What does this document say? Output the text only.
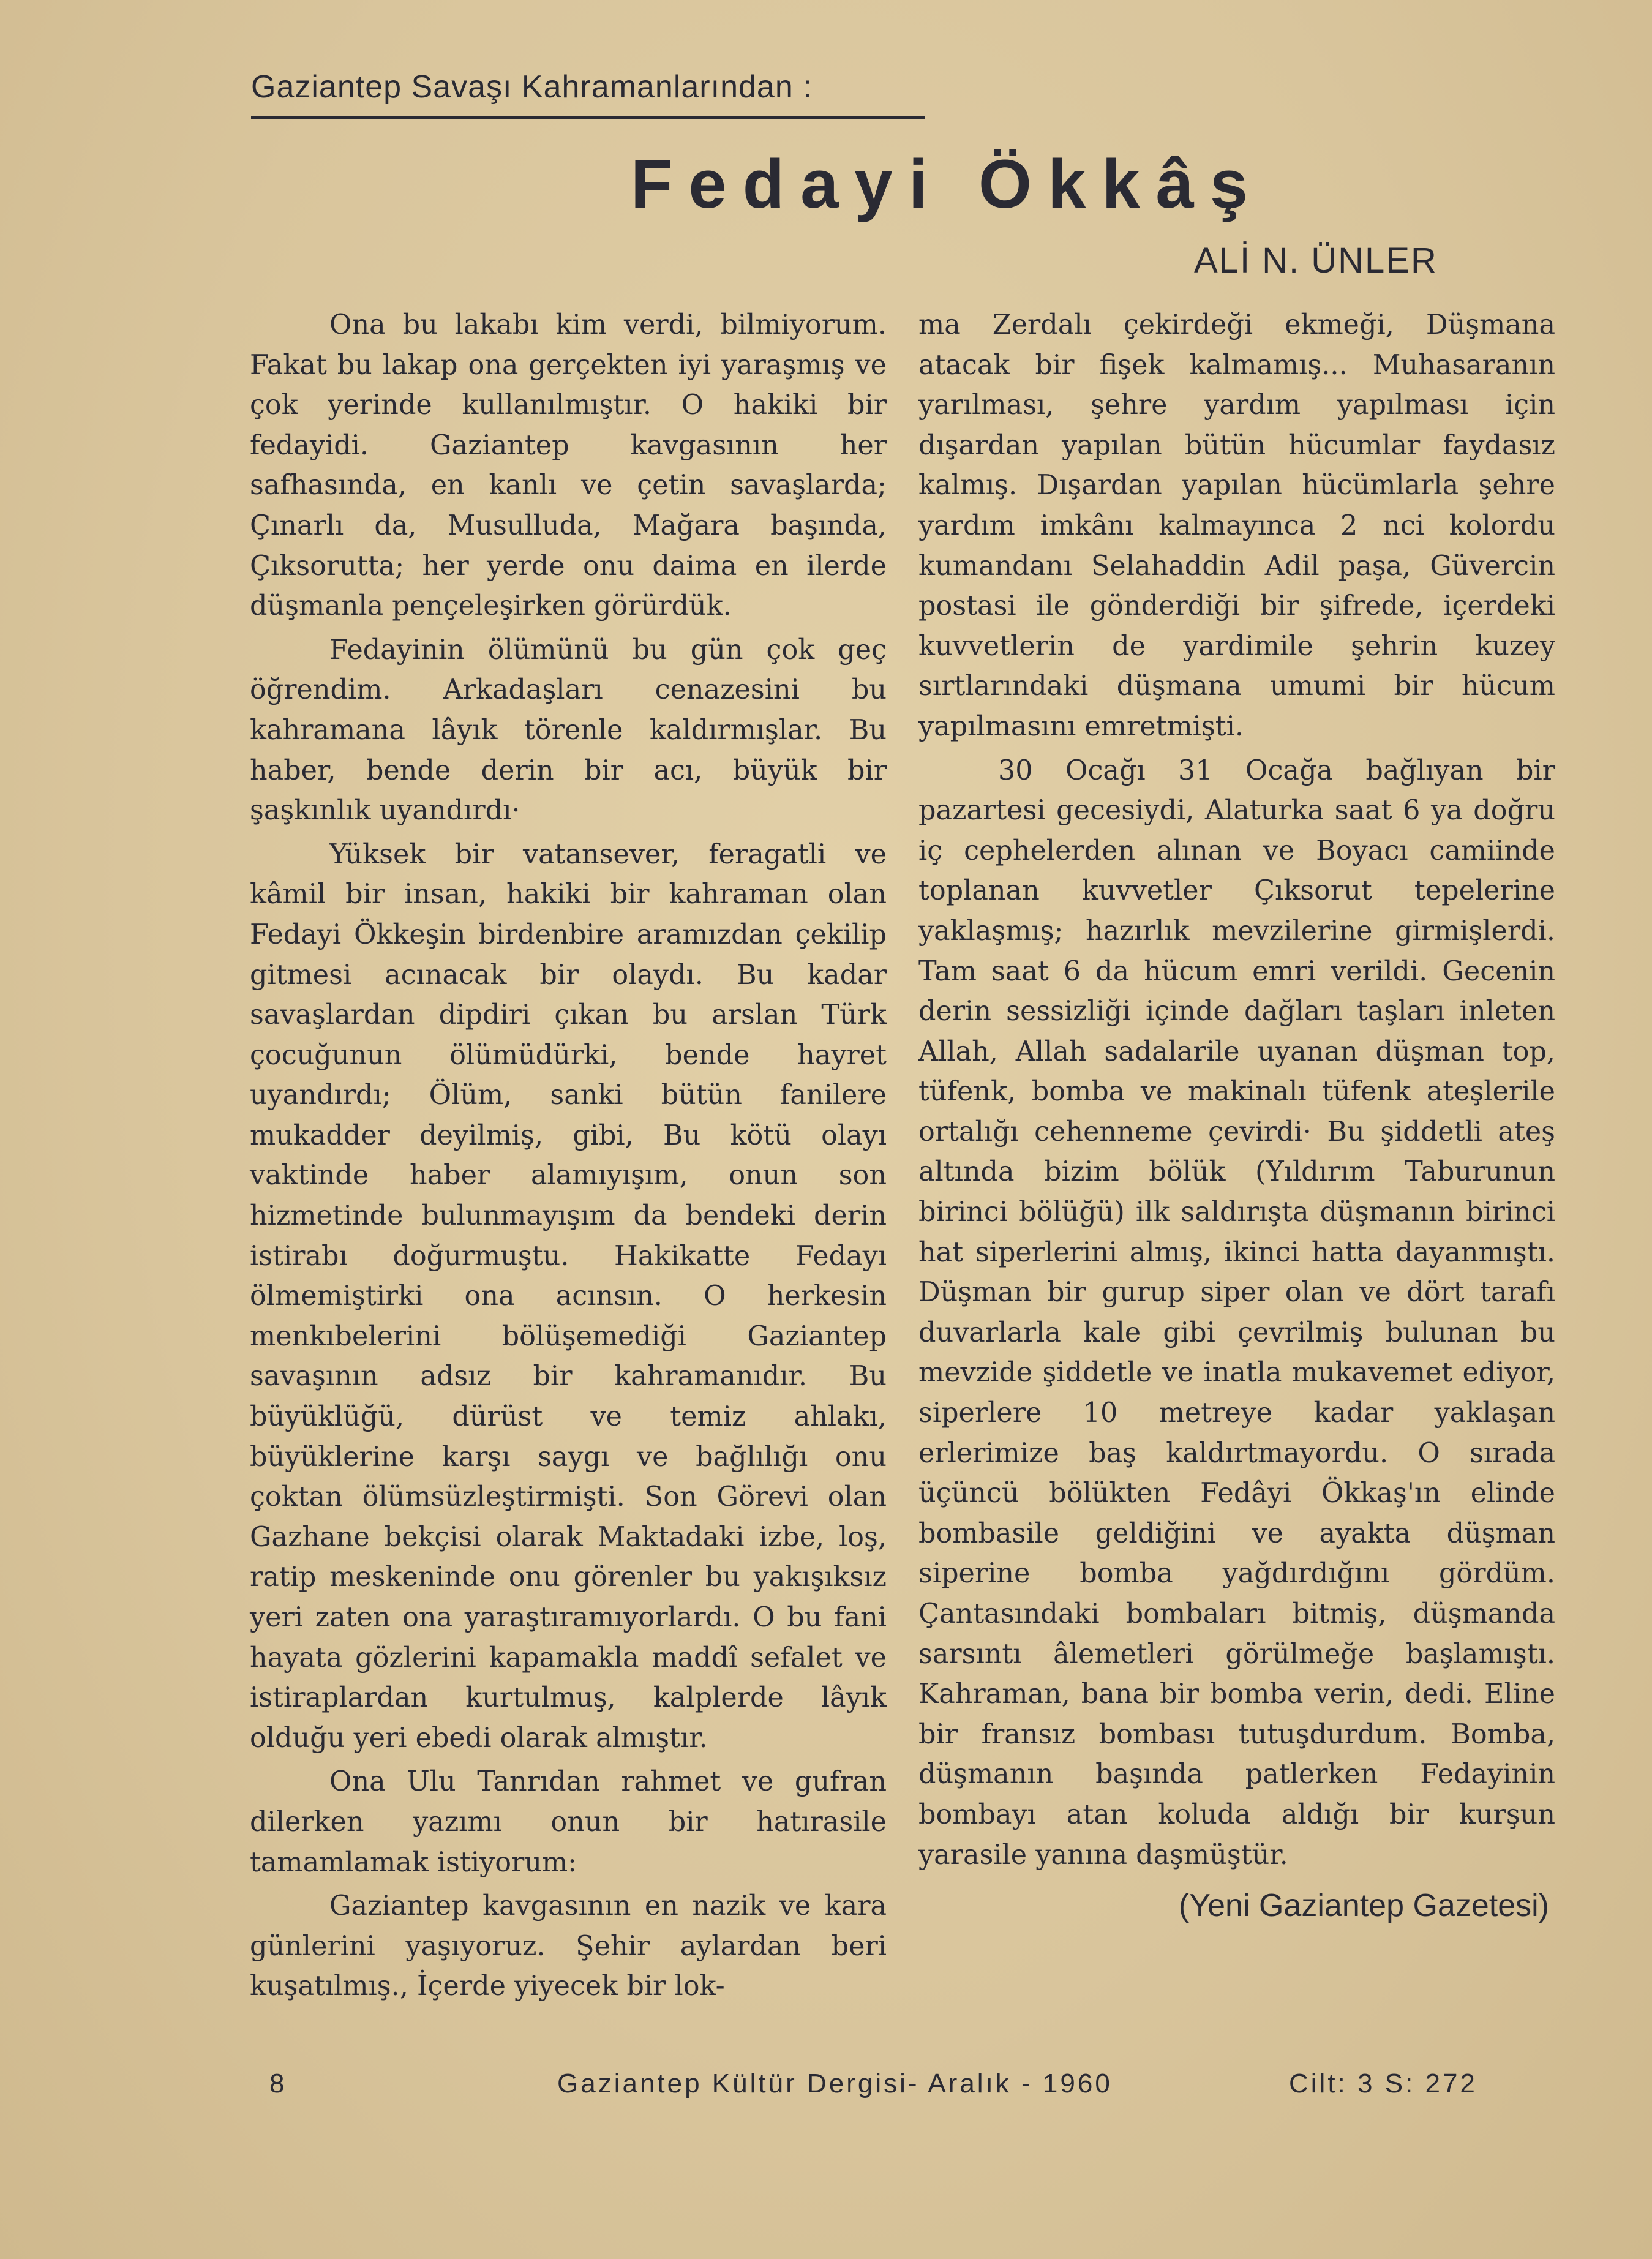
Gaziantep Savaşı Kahramanlarından :
Fedayi Ökkâş
ALİ N. ÜNLER

Ona bu lakabı kim verdi, bilmiyorum. Fakat bu lakap ona gerçekten iyi yaraşmış ve çok yerinde kullanılmıştır. O hakiki bir fedayidi. Gaziantep kavgasının her safhasında, en kanlı ve çetin savaşlarda; Çınarlı da, Musulluda, Mağara başında, Çıksorutta; her yerde onu daima en ilerde düşmanla pençeleşirken görürdük.

Fedayinin ölümünü bu gün çok geç öğrendim. Arkadaşları cenazesini bu kahramana lâyık törenle kaldırmışlar. Bu haber, bende derin bir acı, büyük bir şaşkınlık uyandırdı·

Yüksek bir vatansever, feragatli ve kâmil bir insan, hakiki bir kahraman olan Fedayi Ökkeşin birdenbire aramızdan çekilip gitmesi acınacak bir olaydı. Bu kadar savaşlardan dipdiri çıkan bu arslan Türk çocuğunun ölümüdürki, bende hayret uyandırdı; Ölüm, sanki bütün fanilere mukadder deyilmiş, gibi, Bu kötü olayı vaktinde haber alamıyışım, onun son hizmetinde bulunmayışım da bendeki derin istirabı doğurmuştu. Hakikatte Fedayı ölmemiştirki ona acınsın. O herkesin menkıbelerini bölüşemediği Gaziantep savaşının adsız bir kahramanıdır. Bu büyüklüğü, dürüst ve temiz ahlakı, büyüklerine karşı saygı ve bağlılığı onu çoktan ölümsüzleştirmişti. Son Görevi olan Gazhane bekçisi olarak Maktadaki izbe, loş, ratip meskeninde onu görenler bu yakışıksız yeri zaten ona yaraştıramıyorlardı. O bu fani hayata gözlerini kapamakla maddî sefalet ve istiraplardan kurtulmuş, kalplerde lâyık olduğu yeri ebedi olarak almıştır.

Ona Ulu Tanrıdan rahmet ve gufran dilerken yazımı onun bir hatırasile tamamlamak istiyorum:

Gaziantep kavgasının en nazik ve kara günlerini yaşıyoruz. Şehir aylardan beri kuşatılmış., İçerde yiyecek bir lok-

ma Zerdalı çekirdeği ekmeği, Düşmana atacak bir fişek kalmamış... Muhasaranın yarılması, şehre yardım yapılması için dışardan yapılan bütün hücumlar faydasız kalmış. Dışardan yapılan hücümlarla şehre yardım imkânı kalmayınca 2 nci kolordu kumandanı Selahaddin Adil paşa, Güvercin postasi ile gönderdiği bir şifrede, içerdeki kuvvetlerin de yardimile şehrin kuzey sırtlarındaki düşmana umumi bir hücum yapılmasını emretmişti.

30 Ocağı 31 Ocağa bağlıyan bir pazartesi gecesiydi, Alaturka saat 6 ya doğru iç cephelerden alınan ve Boyacı camiinde toplanan kuvvetler Çıksorut tepelerine yaklaşmış; hazırlık mevzilerine girmişlerdi. Tam saat 6 da hücum emri verildi. Gecenin derin sessizliği içinde dağları taşları inleten Allah, Allah sadalarile uyanan düşman top, tüfenk, bomba ve makinalı tüfenk ateşlerile ortalığı cehenneme çevirdi· Bu şiddetli ateş altında bizim bölük (Yıldırım Taburunun birinci bölüğü) ilk saldırışta düşmanın birinci hat siperlerini almış, ikinci hatta dayanmıştı. Düşman bir gurup siper olan ve dört tarafı duvarlarla kale gibi çevrilmiş bulunan bu mevzide şiddetle ve inatla mukavemet ediyor, siperlere 10 metreye kadar yaklaşan erlerimize baş kaldırtmayordu. O sırada üçüncü bölükten Fedâyi Ökkaş'ın elinde bombasile geldiğini ve ayakta düşman siperine bomba yağdırdığını gördüm. Çantasındaki bombaları bitmiş, düşmanda sarsıntı âlemetleri görülmeğe başlamıştı. Kahraman, bana bir bomba verin, dedi. Eline bir fransız bombası tutuşdurdum. Bomba, düşmanın başında patlerken Fedayinin bombayı atan koluda aldığı bir kurşun yarasile yanına daşmüştür.

(Yeni Gaziantep Gazetesi)
8	Gaziantep Kültür Dergisi- Aralık - 1960	Cilt: 3 S: 272
